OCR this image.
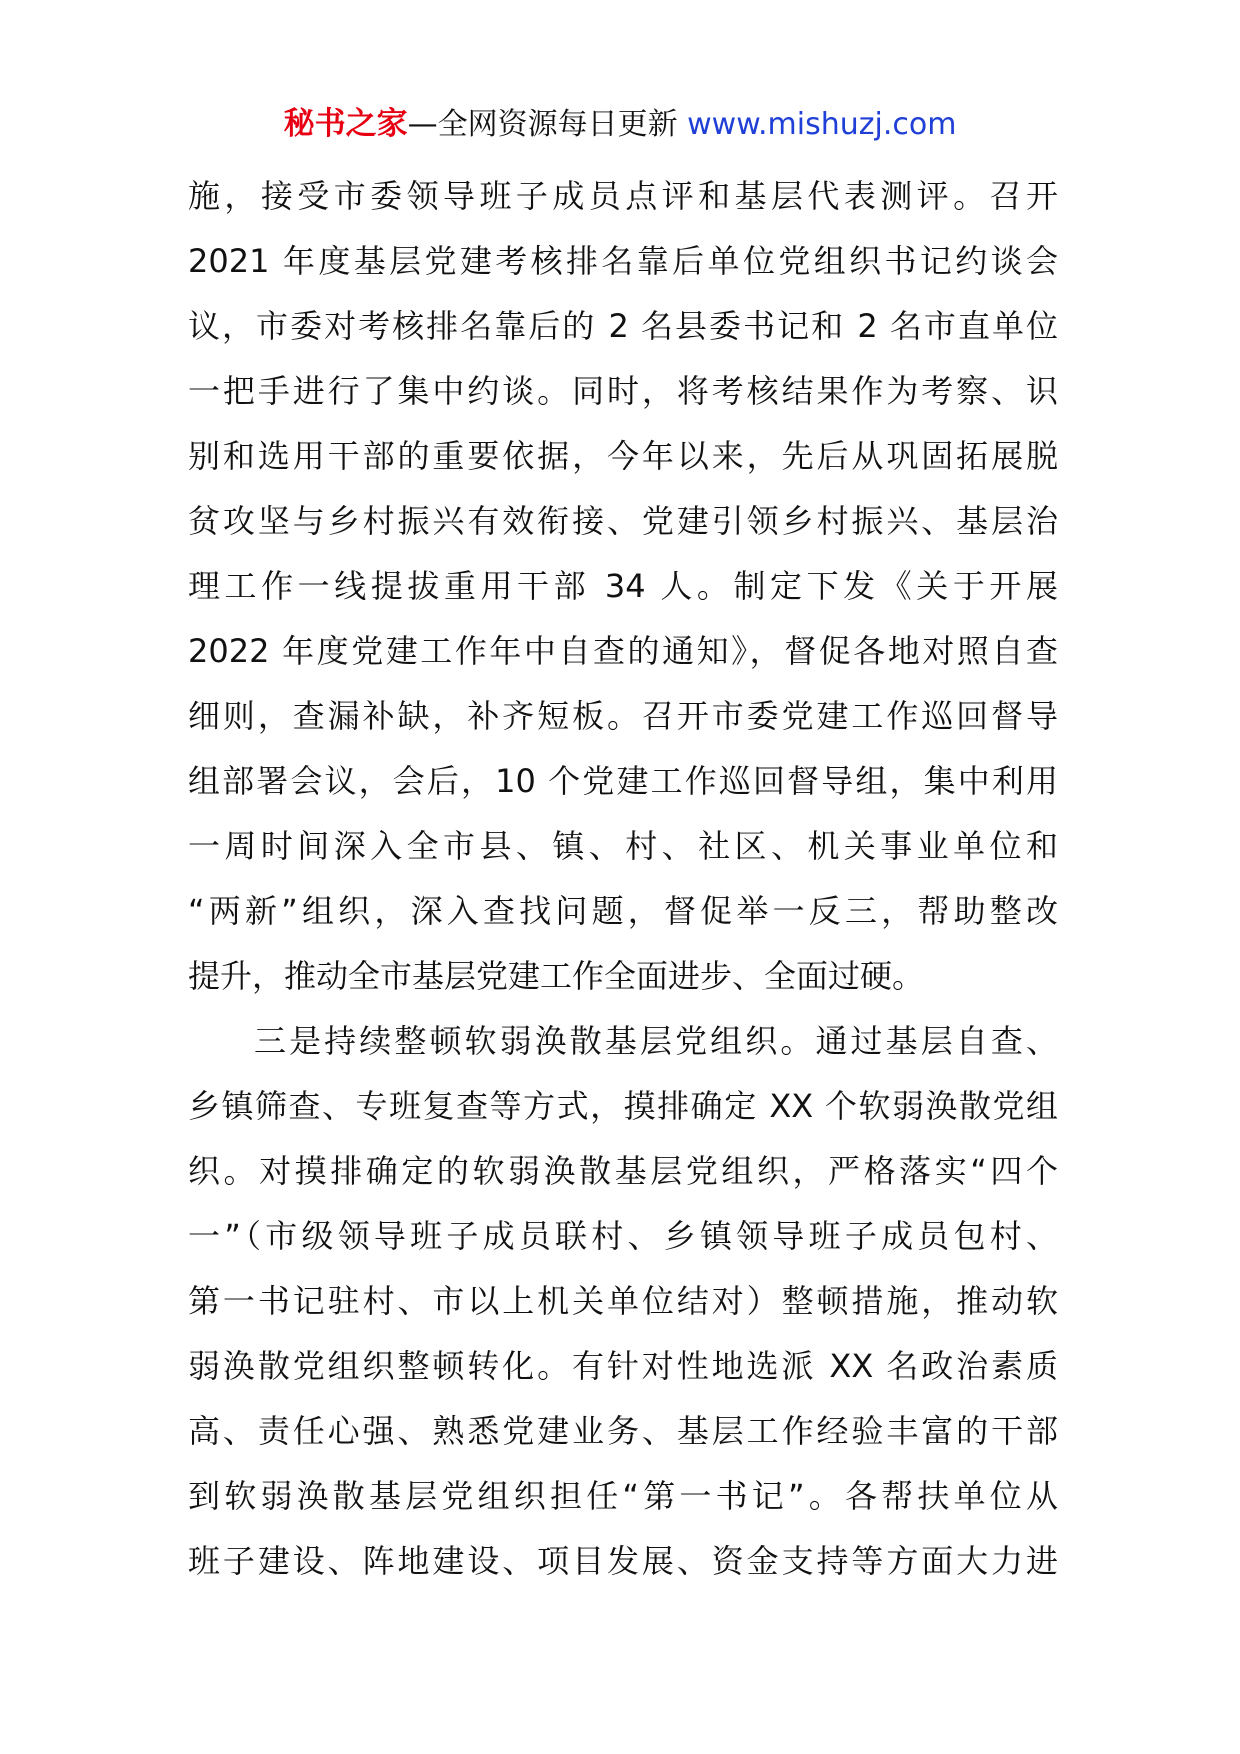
秘书之家—全网资源每日更新 www.mishuzj.com
施，接受市委领导班子成员点评和基层代表测评。召开
2021 年度基层党建考核排名靠后单位党组织书记约谈会
议，市委对考核排名靠后的 2 名县委书记和 2 名市直单位
一把手进行了集中约谈。同时，将考核结果作为考察、识
别和选用干部的重要依据，今年以来，先后从巩固拓展脱
贫攻坚与乡村振兴有效衔接、党建引领乡村振兴、基层治
理工作一线提拔重用干部 34 人。制定下发《关于开展
2022 年度党建工作年中自查的通知》，督促各地对照自查
细则，查漏补缺，补齐短板。召开市委党建工作巡回督导
组部署会议，会后，10 个党建工作巡回督导组，集中利用
一周时间深入全市县、镇、村、社区、机关事业单位和
“两新”组织，深入查找问题，督促举一反三，帮助整改
提升，推动全市基层党建工作全面进步、全面过硬。
三是持续整顿软弱涣散基层党组织。通过基层自查、
乡镇筛查、专班复查等方式，摸排确定 XX 个软弱涣散党组
织。对摸排确定的软弱涣散基层党组织，严格落实“四个
一”（市级领导班子成员联村、乡镇领导班子成员包村、
第一书记驻村、市以上机关单位结对）整顿措施，推动软
弱涣散党组织整顿转化。有针对性地选派 XX 名政治素质
高、责任心强、熟悉党建业务、基层工作经验丰富的干部
到软弱涣散基层党组织担任“第一书记”。各帮扶单位从
班子建设、阵地建设、项目发展、资金支持等方面大力进
